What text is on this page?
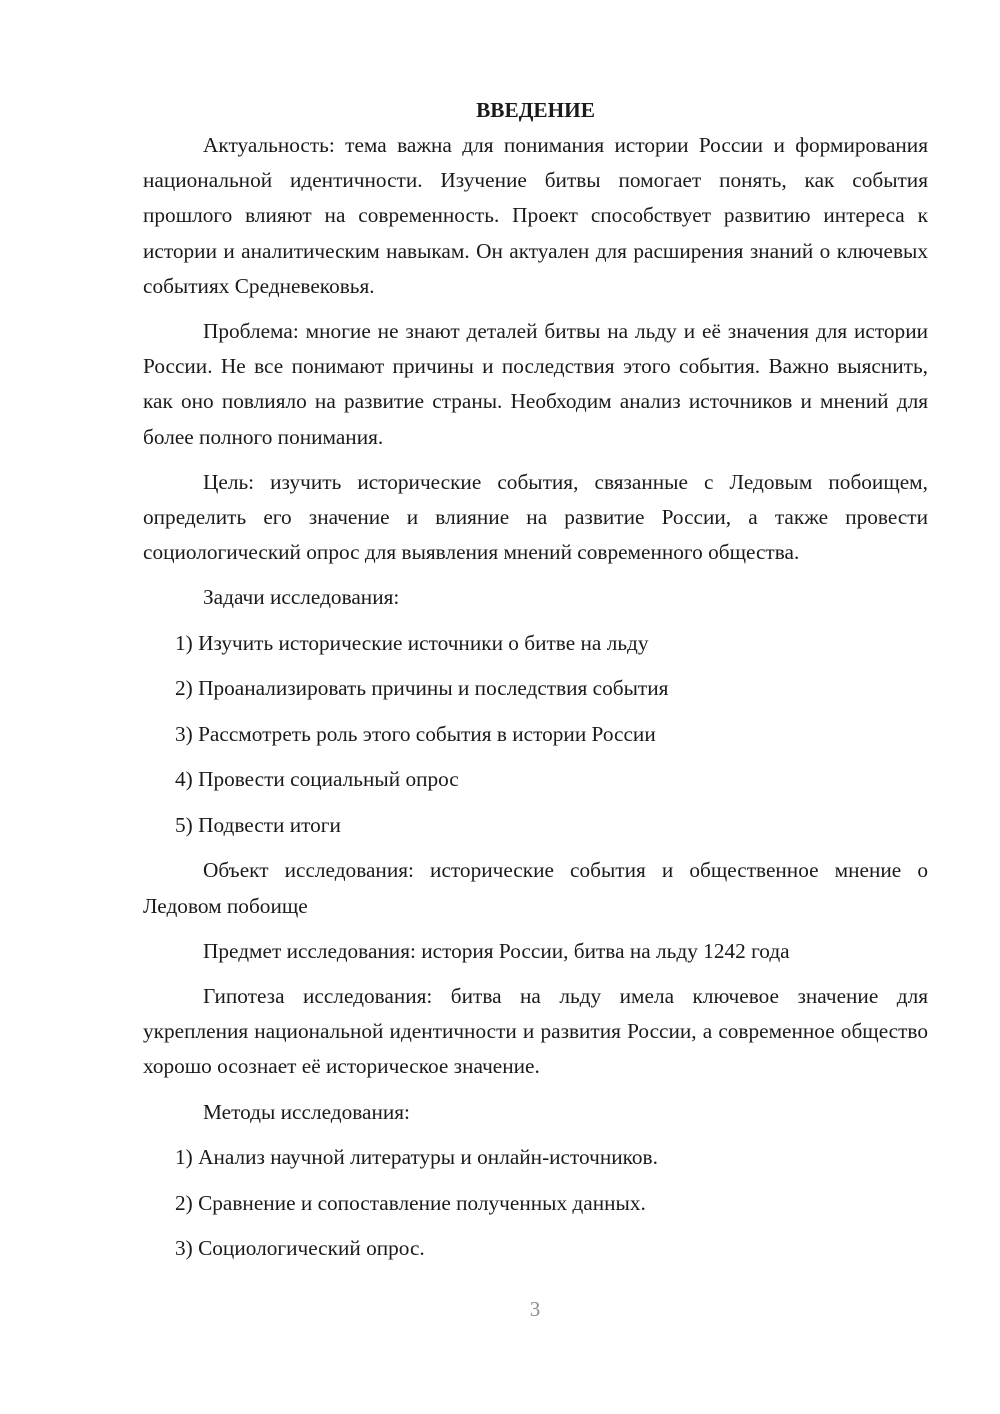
ВВЕДЕНИЕ

Актуальность: тема важна для понимания истории России и формирования национальной идентичности. Изучение битвы помогает понять, как события прошлого влияют на современность. Проект способствует развитию интереса к истории и аналитическим навыкам. Он актуален для расширения знаний о ключевых событиях Средневековья.

Проблема: многие не знают деталей битвы на льду и её значения для истории России. Не все понимают причины и последствия этого события. Важно выяснить, как оно повлияло на развитие страны. Необходим анализ источников и мнений для более полного понимания.

Цель: изучить исторические события, связанные с Ледовым побоищем, определить его значение и влияние на развитие России, а также провести социологический опрос для выявления мнений современного общества.

Задачи исследования:

1) Изучить исторические источники о битве на льду

2) Проанализировать причины и последствия события

3) Рассмотреть роль этого события в истории России

4) Провести социальный опрос

5) Подвести итоги

Объект исследования: исторические события и общественное мнение о Ледовом побоище

Предмет исследования: история России, битва на льду 1242 года

Гипотеза исследования: битва на льду имела ключевое значение для укрепления национальной идентичности и развития России, а современное общество хорошо осознает её историческое значение.

Методы исследования:

1) Анализ научной литературы и онлайн-источников.

2) Сравнение и сопоставление полученных данных.

3) Социологический опрос.

3
